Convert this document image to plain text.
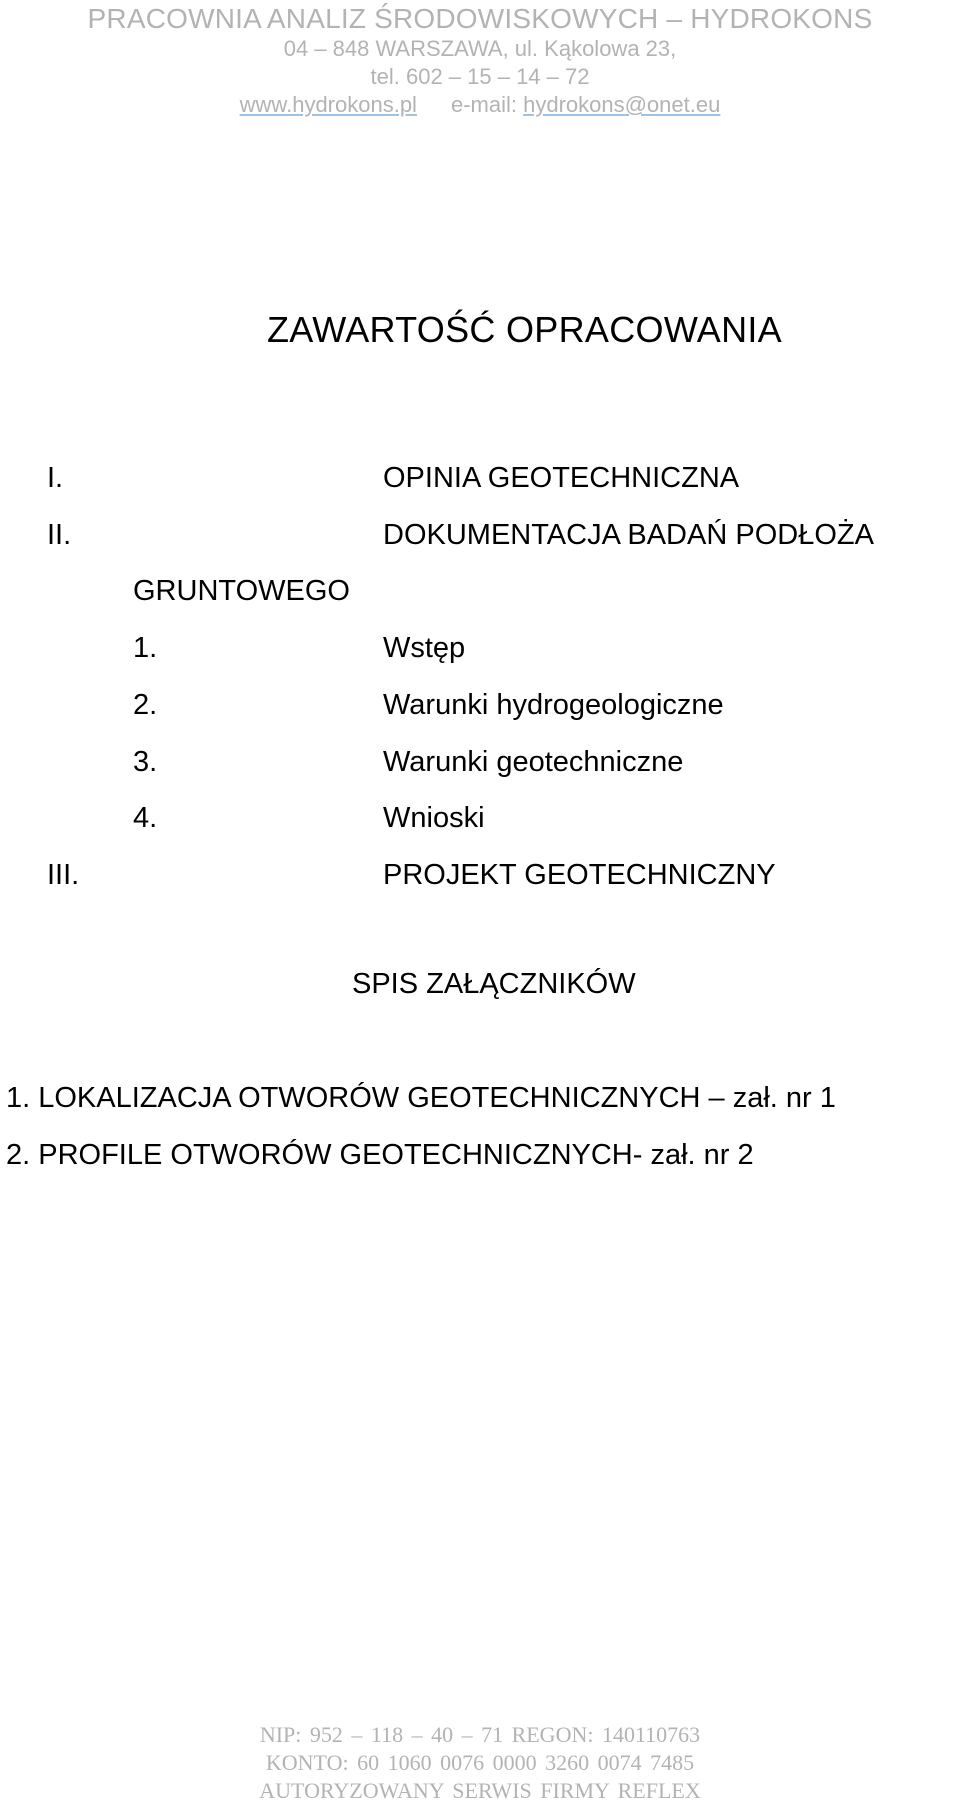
PRACOWNIA ANALIZ ŚRODOWISKOWYCH – HYDROKONS
04 – 848 WARSZAWA, ul. Kąkolowa 23,
tel. 602 – 15 – 14 – 72
www.hydrokons.pl e-mail: hydrokons@onet.eu
ZAWARTOŚĆ OPRACOWANIA
I.	OPINIA GEOTECHNICZNA
II.	DOKUMENTACJA BADAŃ PODŁOŻA
GRUNTOWEGO
1.	Wstęp
2.	Warunki hydrogeologiczne
3.	Warunki geotechniczne
4.	Wnioski
III.	PROJEKT GEOTECHNICZNY
SPIS ZAŁĄCZNIKÓW
1. LOKALIZACJA OTWORÓW GEOTECHNICZNYCH – zał. nr 1
2. PROFILE OTWORÓW GEOTECHNICZNYCH- zał. nr 2
NIP: 952 – 118 – 40 – 71 REGON: 140110763
KONTO: 60 1060 0076 0000 3260 0074 7485
AUTORYZOWANY SERWIS FIRMY REFLEX
